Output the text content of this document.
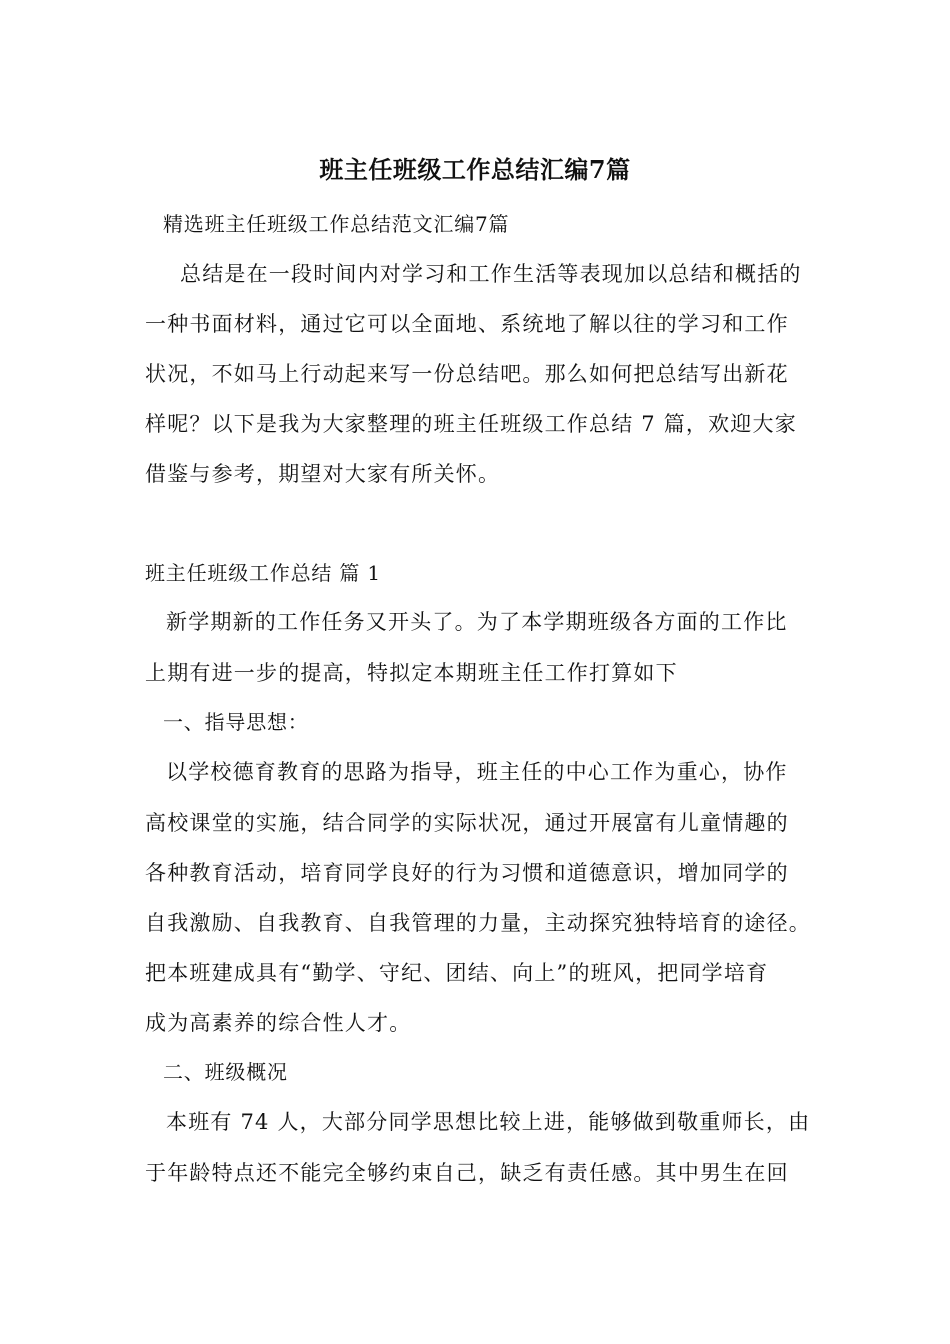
班主任班级工作总结汇编7篇
精选班主任班级工作总结范文汇编7篇
总结是在一段时间内对学习和工作生活等表现加以总结和概括的
一种书面材料，通过它可以全面地、系统地了解以往的学习和工作
状况，不如马上行动起来写一份总结吧。那么如何把总结写出新花
样呢？以下是我为大家整理的班主任班级工作总结 7 篇，欢迎大家
借鉴与参考，期望对大家有所关怀。
班主任班级工作总结 篇 1
新学期新的工作任务又开头了。为了本学期班级各方面的工作比
上期有进一步的提高，特拟定本期班主任工作打算如下
一、指导思想：
以学校德育教育的思路为指导，班主任的中心工作为重心，协作
高校课堂的实施，结合同学的实际状况，通过开展富有儿童情趣的
各种教育活动，培育同学良好的行为习惯和道德意识，增加同学的
自我激励、自我教育、自我管理的力量，主动探究独特培育的途径。
把本班建成具有“勤学、守纪、团结、向上”的班风，把同学培育
成为高素养的综合性人才。
二、班级概况
本班有 74 人，大部分同学思想比较上进，能够做到敬重师长，由
于年龄特点还不能完全够约束自己，缺乏有责任感。其中男生在回
